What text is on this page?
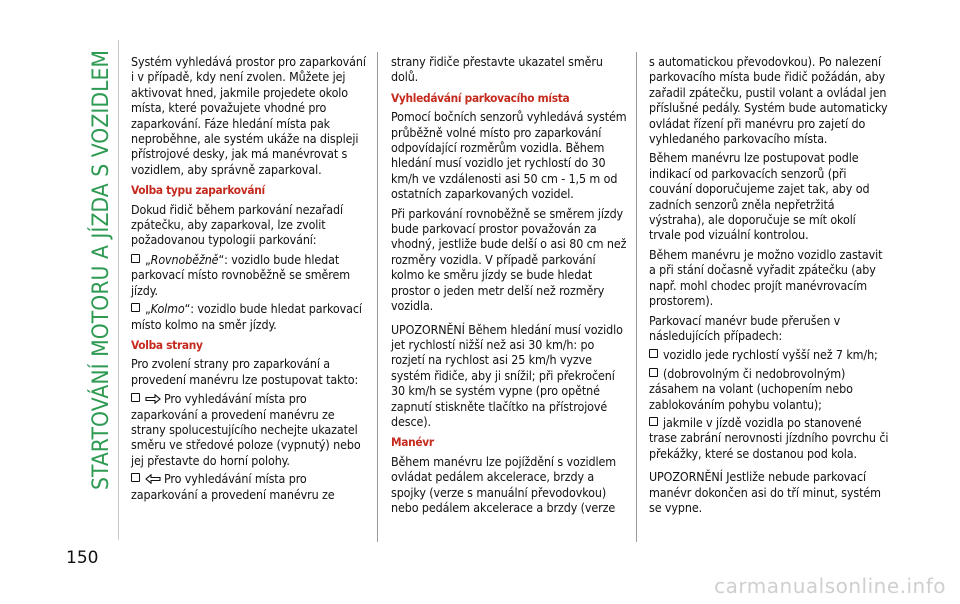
STARTOVÁNÍ MOTORU A JÍZDA S VOZIDLEM
150

Systém vyhledává prostor pro zaparkování i v případě, kdy není zvolen. Můžete jej aktivovat hned, jakmile projedete okolo místa, které považujete vhodné pro zaparkování. Fáze hledání místa pak neproběhne, ale systém ukáže na displeji přístrojové desky, jak má manévrovat s vozidlem, aby správně zaparkoval.

Volba typu zaparkování

Dokud řidič během parkování nezařadí zpátečku, aby zaparkoval, lze zvolit požadovanou typologii parkování:

„Rovnoběžně“: vozidlo bude hledat parkovací místo rovnoběžně se směrem jízdy.

„Kolmo“: vozidlo bude hledat parkovací místo kolmo na směr jízdy.

Volba strany

Pro zvolení strany pro zaparkování a provedení manévru lze postupovat takto:

Pro vyhledávání místa pro zaparkování a provedení manévru ze strany spolucestujícího nechejte ukazatel směru ve středové poloze (vypnutý) nebo jej přestavte do horní polohy.

Pro vyhledávání místa pro zaparkování a provedení manévru ze

strany řidiče přestavte ukazatel směru dolů.

Vyhledávání parkovacího místa

Pomocí bočních senzorů vyhledává systém průběžně volné místo pro zaparkování odpovídající rozměrům vozidla. Během hledání musí vozidlo jet rychlostí do 30 km/h ve vzdálenosti asi 50 cm - 1,5 m od ostatních zaparkovaných vozidel.

Při parkování rovnoběžně se směrem jízdy bude parkovací prostor považován za vhodný, jestliže bude delší o asi 80 cm než rozměry vozidla. V případě parkování kolmo ke směru jízdy se bude hledat prostor o jeden metr delší než rozměry vozidla.

UPOZORNĚNÍ Během hledání musí vozidlo jet rychlostí nižší než asi 30 km/h: po rozjetí na rychlost asi 25 km/h vyzve systém řidiče, aby ji snížil; při překročení 30 km/h se systém vypne (pro opětné zapnutí stiskněte tlačítko na přístrojové desce).

Manévr

Během manévru lze pojíždění s vozidlem ovládat pedálem akcelerace, brzdy a spojky (verze s manuální převodovkou) nebo pedálem akcelerace a brzdy (verze

s automatickou převodovkou). Po nalezení parkovacího místa bude řidič požádán, aby zařadil zpátečku, pustil volant a ovládal jen příslušné pedály. Systém bude automaticky ovládat řízení při manévru pro zajetí do vyhledaného parkovacího místa.

Během manévru lze postupovat podle indikací od parkovacích senzorů (při couvání doporučujeme zajet tak, aby od zadních senzorů zněla nepřetržitá výstraha), ale doporučuje se mít okolí trvale pod vizuální kontrolou.

Během manévru je možno vozidlo zastavit a při stání dočasně vyřadit zpátečku (aby např. mohl chodec projít manévrovacím prostorem).

Parkovací manévr bude přerušen v následujících případech:

vozidlo jede rychlostí vyšší než 7 km/h;

(dobrovolným či nedobrovolným) zásahem na volant (uchopením nebo zablokováním pohybu volantu);

jakmile v jízdě vozidla po stanovené trase zabrání nerovnosti jízdního povrchu či překážky, které se dostanou pod kola.

UPOZORNĚNÍ Jestliže nebude parkovací manévr dokončen asi do tří minut, systém se vypne.

carmanualsonline.info
